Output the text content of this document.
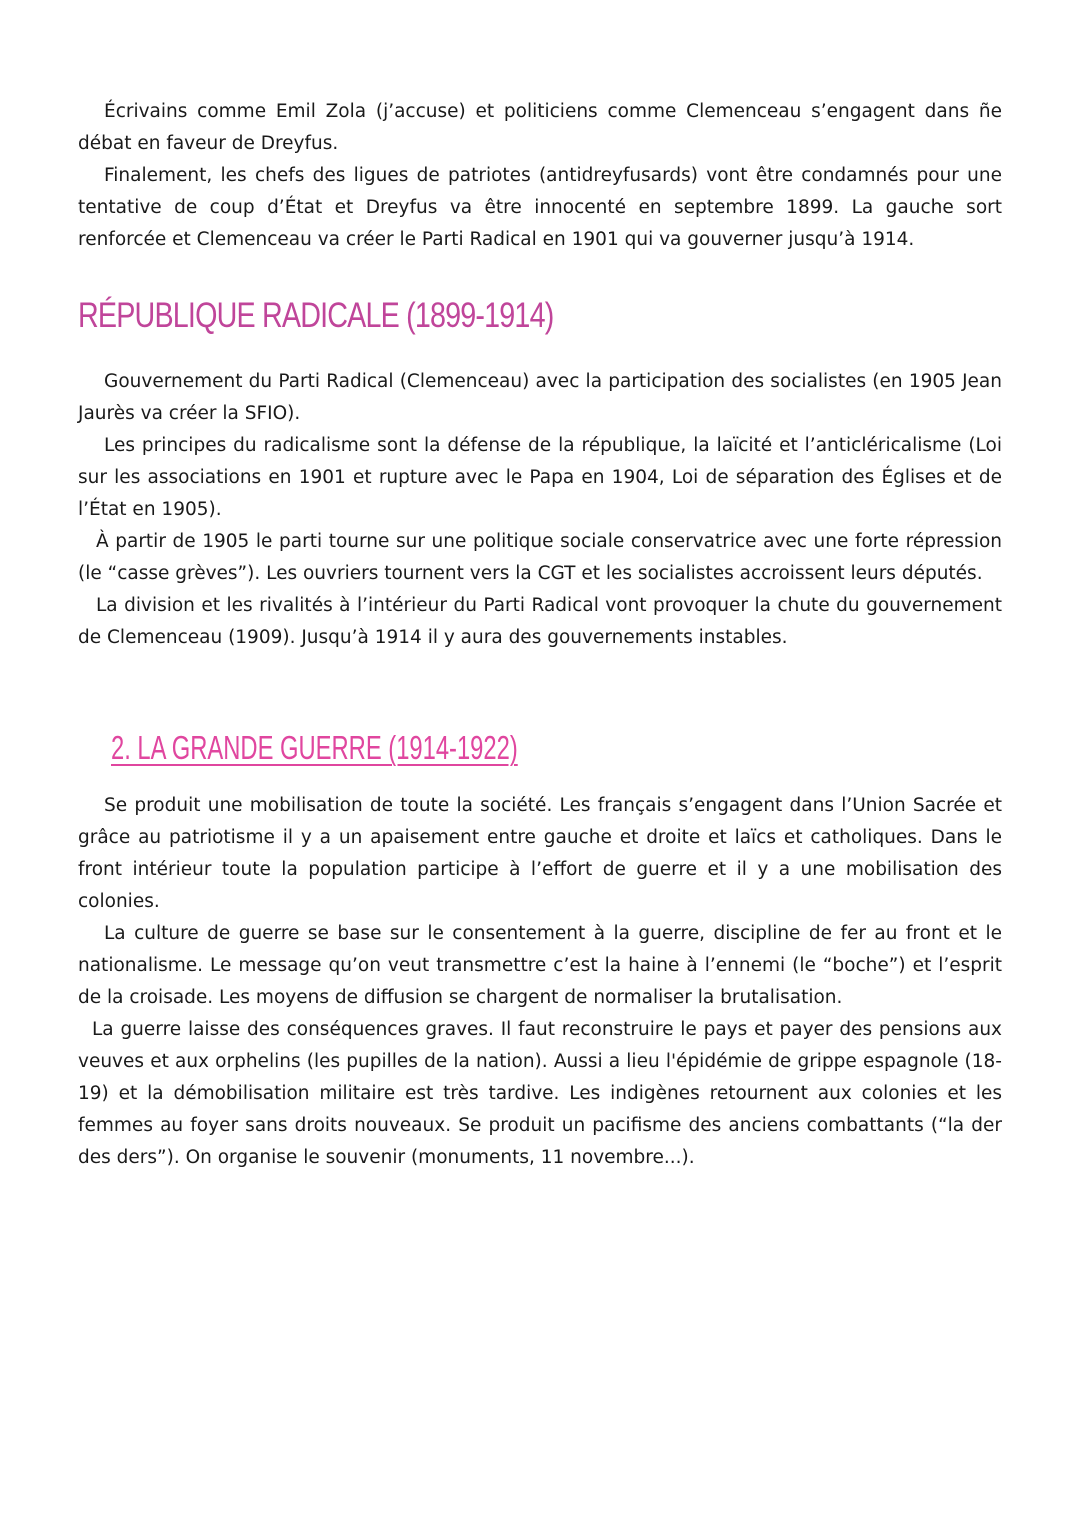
Écrivains comme Emil Zola (j’accuse) et politiciens comme Clemenceau s’engagent dans ñe débat en faveur de Dreyfus.

Finalement, les chefs des ligues de patriotes (antidreyfusards) vont être condamnés pour une tentative de coup d’État et Dreyfus va être innocenté en septembre 1899. La gauche sort renforcée et Clemenceau va créer le Parti Radical en 1901 qui va gouverner jusqu’à 1914.

RÉPUBLIQUE RADICALE (1899-1914)

Gouvernement du Parti Radical (Clemenceau) avec la participation des socialistes (en 1905 Jean Jaurès va créer la SFIO).

Les principes du radicalisme sont la défense de la république, la laïcité et l’anticléricalisme (Loi sur les associations en 1901 et rupture avec le Papa en 1904, Loi de séparation des Églises et de l’État en 1905).

À partir de 1905 le parti tourne sur une politique sociale conservatrice avec une forte répression (le “casse grèves”). Les ouvriers tournent vers la CGT et les socialistes accroissent leurs députés.

La division et les rivalités à l’intérieur du Parti Radical vont provoquer la chute du gouvernement de Clemenceau (1909). Jusqu’à 1914 il y aura des gouvernements instables.

2. LA GRANDE GUERRE (1914-1922)

Se produit une mobilisation de toute la société. Les français s’engagent dans l’Union Sacrée et grâce au patriotisme il y a un apaisement entre gauche et droite et laïcs et catholiques. Dans le front intérieur toute la population participe à l’effort de guerre et il y a une mobilisation des colonies.

La culture de guerre se base sur le consentement à la guerre, discipline de fer au front et le nationalisme. Le message qu’on veut transmettre c’est la haine à l’ennemi (le “boche”) et l’esprit de la croisade. Les moyens de diffusion se chargent de normaliser la brutalisation.

La guerre laisse des conséquences graves. Il faut reconstruire le pays et payer des pensions aux veuves et aux orphelins (les pupilles de la nation). Aussi a lieu l'épidémie de grippe espagnole (18-19) et la démobilisation militaire est très tardive. Les indigènes retournent aux colonies et les femmes au foyer sans droits nouveaux. Se produit un pacifisme des anciens combattants (“la der des ders”). On organise le souvenir (monuments, 11 novembre...).
